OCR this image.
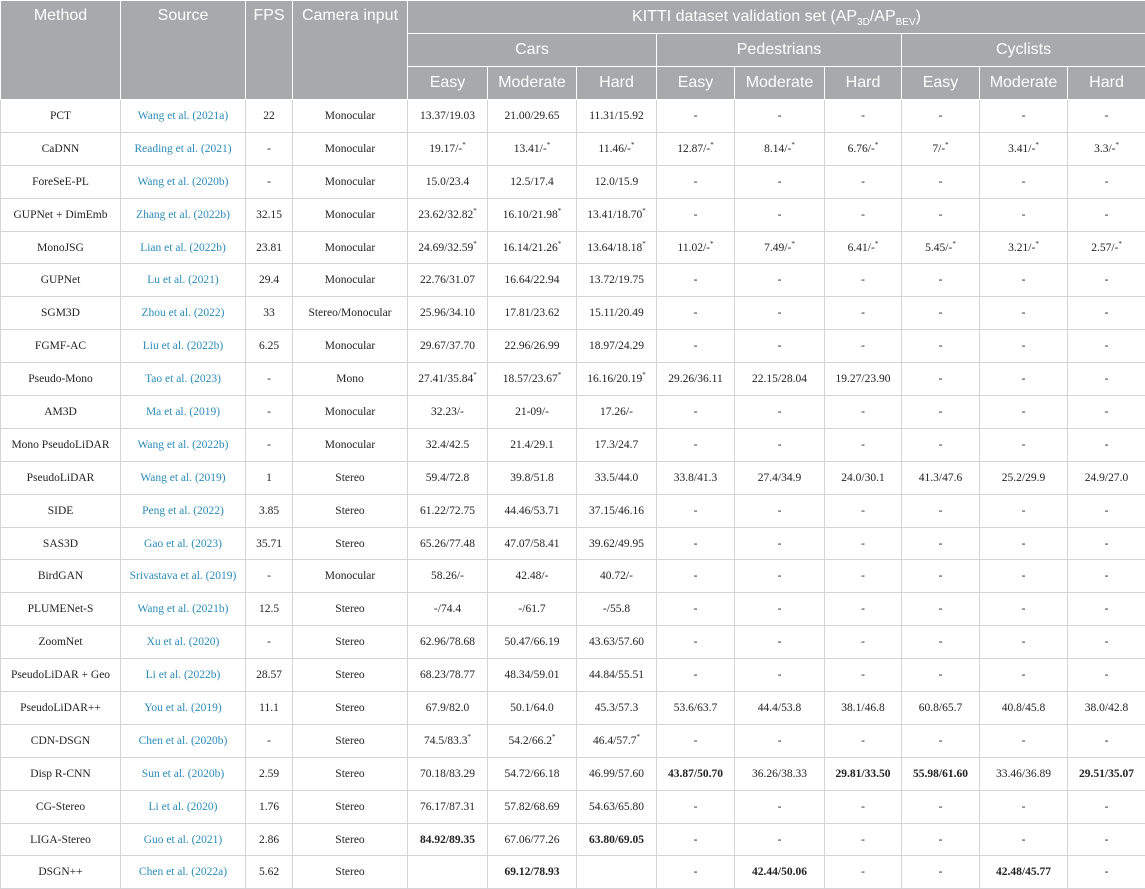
Method	Source	FPS	Camera input	KITTI dataset validation set $(AP_{3D}/AP_{BEV})$								
				Cars			Pedestrians			Cyclists		
				Easy	Moderate	Hard	Easy	Moderate	Hard	Easy	Moderate	Hard
PCT	Wang et al. (2021a)	22	Monocular	13.37/19.03	21.00/29.65	11.31/15.92	-	-	-	-	-	-
CaDNN	Reading et al. (2021)	-	Monocular	19.17/-*	13.41/-*	11.46/-*	12.87/-*	8.14/-*	6.76/-*	7/-*	3.41/-*	3.3/-*
ForeSeE-PL	Wang et al. (2020b)	-	Monocular	15.0/23.4	12.5/17.4	12.0/15.9	-	-	-	-	-	-
GUPNet + DimEmb	Zhang et al. (2022b)	32.15	Monocular	23.62/32.82*	16.10/21.98*	13.41/18.70*	-	-	-	-	-	-
MonoJSG	Lian et al. (2022b)	23.81	Monocular	24.69/32.59*	16.14/21.26*	13.64/18.18*	11.02/-*	7.49/-*	6.41/-*	5.45/-*	3.21/-*	2.57/-*
GUPNet	Lu et al. (2021)	29.4	Monocular	22.76/31.07	16.64/22.94	13.72/19.75	-	-	-	-	-	-
SGM3D	Zhou et al. (2022)	33	Stereo/Monocular	25.96/34.10	17.81/23.62	15.11/20.49	-	-	-	-	-	-
FGMF-AC	Liu et al. (2022b)	6.25	Monocular	29.67/37.70	22.96/26.99	18.97/24.29	-	-	-	-	-	-
Pseudo-Mono	Tao et al. (2023)	-	Mono	27.41/35.84*	18.57/23.67*	16.16/20.19*	29.26/36.11	22.15/28.04	19.27/23.90	-	-	-
AM3D	Ma et al. (2019)	-	Monocular	32.23/-	21-09/-	17.26/-	-	-	-	-	-	-
Mono PseudoLiDAR	Wang et al. (2022b)	-	Monocular	32.4/42.5	21.4/29.1	17.3/24.7	-	-	-	-	-	-
PseudoLiDAR	Wang et al. (2019)	1	Stereo	59.4/72.8	39.8/51.8	33.5/44.0	33.8/41.3	27.4/34.9	24.0/30.1	41.3/47.6	25.2/29.9	24.9/27.0
SIDE	Peng et al. (2022)	3.85	Stereo	61.22/72.75	44.46/53.71	37.15/46.16	-	-	-	-	-	-
SAS3D	Gao et al. (2023)	35.71	Stereo	65.26/77.48	47.07/58.41	39.62/49.95	-	-	-	-	-	-
BirdGAN	Srivastava et al. (2019)	-	Monocular	58.26/-	42.48/-	40.72/-	-	-	-	-	-	-
PLUMENet-S	Wang et al. (2021b)	12.5	Stereo	-/74.4	-/61.7	-/55.8	-	-	-	-	-	-
ZoomNet	Xu et al. (2020)	-	Stereo	62.96/78.68	50.47/66.19	43.63/57.60	-	-	-	-	-	-
PseudoLiDAR + Geo	Li et al. (2022b)	28.57	Stereo	68.23/78.77	48.34/59.01	44.84/55.51	-	-	-	-	-	-
PseudoLiDAR++	You et al. (2019)	11.1	Stereo	67.9/82.0	50.1/64.0	45.3/57.3	53.6/63.7	44.4/53.8	38.1/46.8	60.8/65.7	40.8/45.8	38.0/42.8
CDN-DSGN	Chen et al. (2020b)	-	Stereo	74.5/83.3*	54.2/66.2*	46.4/57.7*	-	-	-	-	-	-
Disp R-CNN	Sun et al. (2020b)	2.59	Stereo	70.18/83.29	54.72/66.18	46.99/57.60	43.87/50.70	36.26/38.33	29.81/33.50	55.98/61.60	33.46/36.89	29.51/35.07
CG-Stereo	Li et al. (2020)	1.76	Stereo	76.17/87.31	57.82/68.69	54.63/65.80	-	-	-	-	-	-
LIGA-Stereo	Guo et al. (2021)	2.86	Stereo	84.92/89.35	67.06/77.26	63.80/69.05	-	-	-	-	-	-
DSGN++	Chen et al. (2022a)	5.62	Stereo		69.12/78.93		-	42.44/50.06	-	-	42.48/45.77	-
